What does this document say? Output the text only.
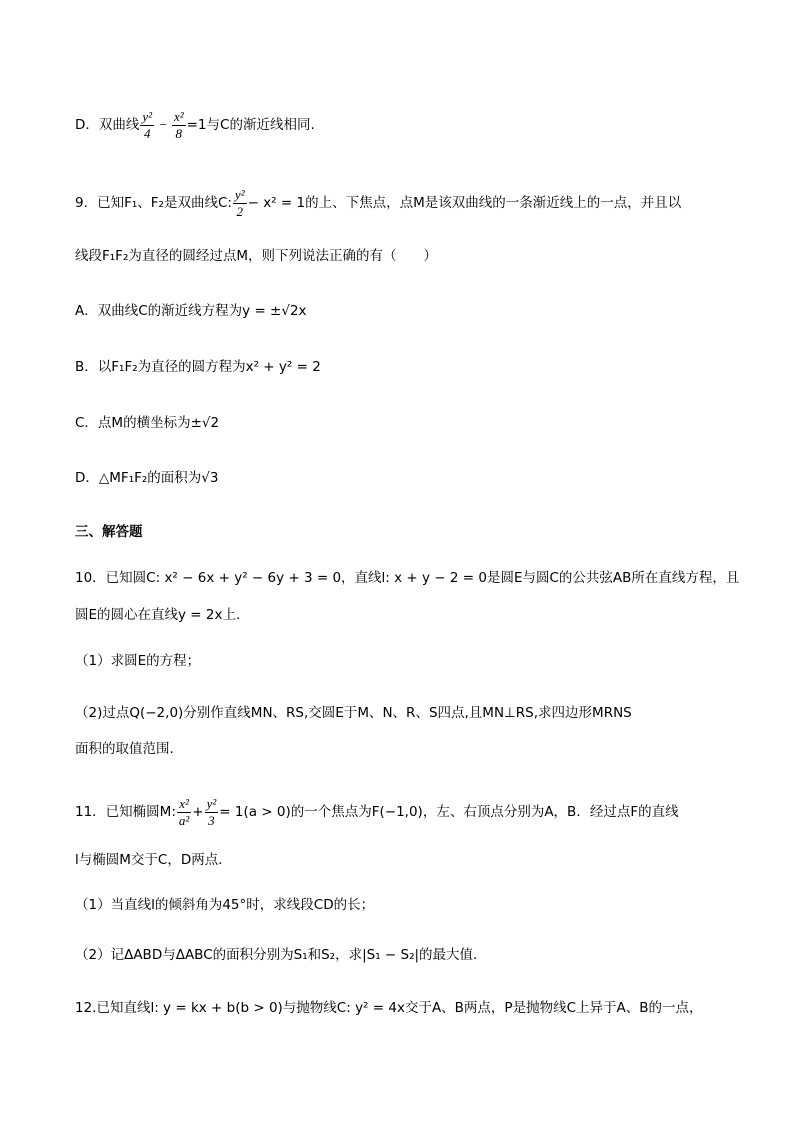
D．双曲线 $\frac{\text{y²}}{4} - \frac{\text{x²}}{8} =1$与C的渐近线相同.
9．已知F₁、F₂是双曲线C: $\frac{\text{y²}}{2} - x^2 = 1$的上、下焦点，点M是该双曲线的一条渐近线上的一点，并且以
线段F₁F₂为直径的圆经过点M，则下列说法正确的有（　　）
A．双曲线C的渐近线方程为y = ±√2x
B．以F₁F₂为直径的圆方程为x² + y² = 2
C．点M的横坐标为±√2
D．△MF₁F₂的面积为√3
三、解答题
10．已知圆C: x² − 6x + y² − 6y + 3 = 0，直线l: x + y − 2 = 0是圆E与圆C的公共弦AB所在直线方程，且
圆E的圆心在直线y = 2x上.
（1）求圆E的方程；
（2)过点Q(−2,0)分别作直线MN、RS,交圆E于M、N、R、S四点,且MN⊥RS,求四边形MRNS
面积的取值范围.
11．已知椭圆M: $\frac{\text{x²}}{\text{a²}} + \frac{\text{y²}}{3} = 1(a > 0)$的一个焦点为F(−1,0)，左、右顶点分别为A，B．经过点F的直线
l与椭圆M交于C，D两点．
（1）当直线l的倾斜角为45°时，求线段CD的长；
（2）记ΔABD与ΔABC的面积分别为S₁和S₂，求|S₁ − S₂|的最大值．
12.已知直线l: y = kx + b(b > 0)与抛物线C: y² = 4x交于A、B两点，P是抛物线C上异于A、B的一点，
